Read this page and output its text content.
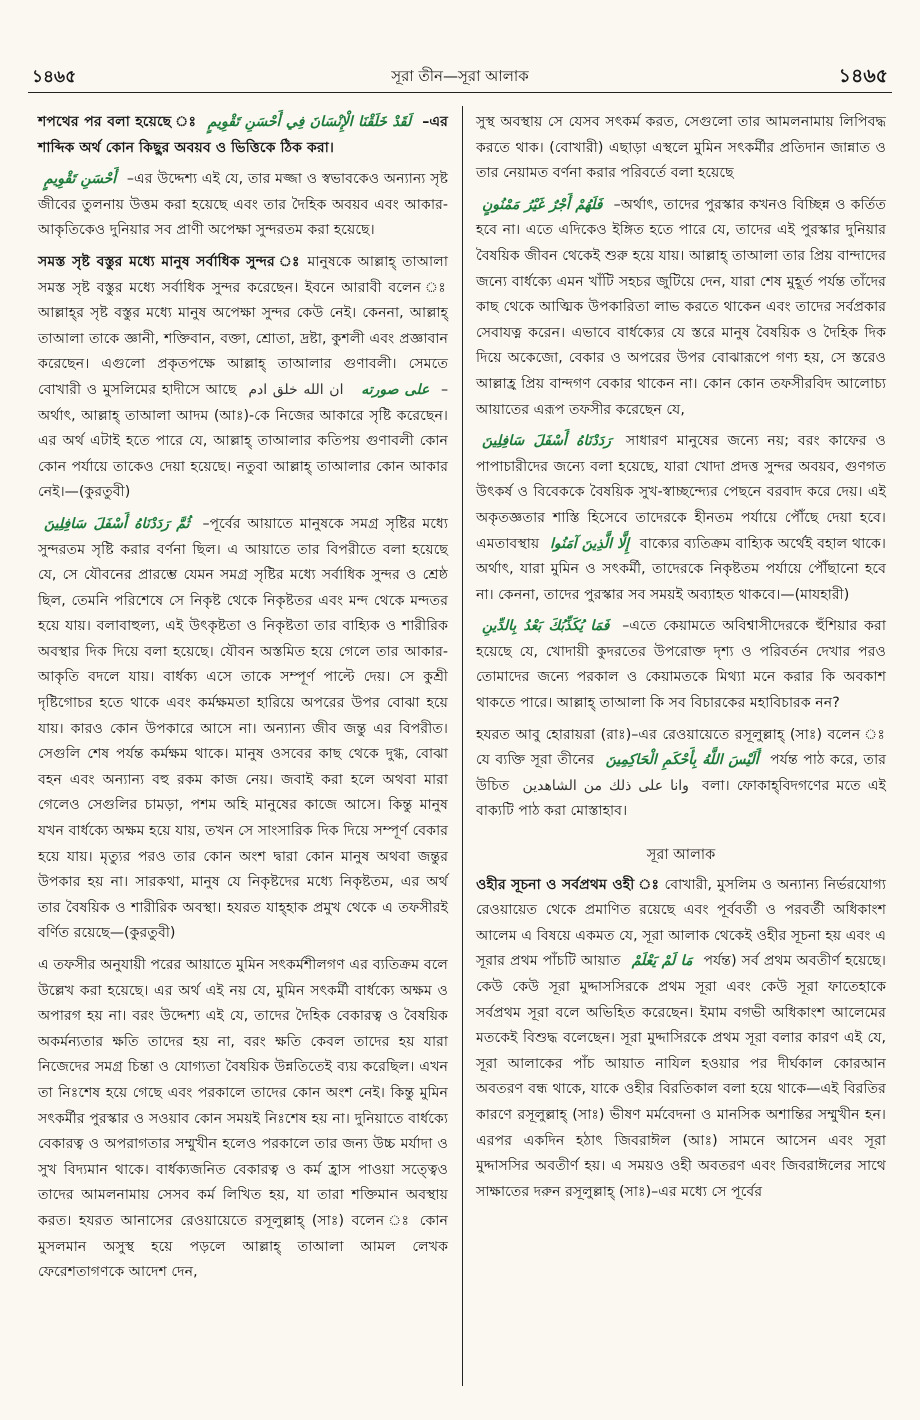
১৪৬৫	সূরা তীন—সূরা আলাক	১৪৬৫

শপথের পর বলা হয়েছে ঃ لَقَدْ خَلَقْنَا الْإِنْسَانَ فِي أَحْسَنِ تَقْوِيمٍ –এর শাব্দিক অর্থ কোন কিছুর অবয়ব ও ভিত্তিকে ঠিক করা।

أَحْسَنِ تَقْوِيمٍ –এর উদ্দেশ্য এই যে, তার মজ্জা ও স্বভাবকেও অন্যান্য সৃষ্ট জীবের তুলনায় উত্তম করা হয়েছে এবং তার দৈহিক অবয়ব এবং আকার-আকৃতিকেও দুনিয়ার সব প্রাণী অপেক্ষা সুন্দরতম করা হয়েছে।

সমস্ত সৃষ্ট বস্তুর মধ্যে মানুষ সর্বাধিক সুন্দর ঃ মানুষকে আল্লাহ্ তাআলা সমস্ত সৃষ্ট বস্তুর মধ্যে সর্বাধিক সুন্দর করেছেন। ইবনে আরাবী বলেন ঃ আল্লাহ্‌র সৃষ্ট বস্তুর মধ্যে মানুষ অপেক্ষা সুন্দর কেউ নেই। কেননা, আল্লাহ্ তাআলা তাকে জ্ঞানী, শক্তিবান, বক্তা, শ্রোতা, দ্রষ্টা, কুশলী এবং প্রজ্ঞাবান করেছেন। এগুলো প্রকৃতপক্ষে আল্লাহ্ তাআলার গুণাবলী। সেমতে বোখারী ও মুসলিমের হাদীসে আছে ان الله خلق ادم على صورته –অর্থাৎ, আল্লাহ্ তাআলা আদম (আঃ)-কে নিজের আকারে সৃষ্টি করেছেন। এর অর্থ এটাই হতে পারে যে, আল্লাহ্ তাআলার কতিপয় গুণাবলী কোন কোন পর্যায়ে তাকেও দেয়া হয়েছে। নতুবা আল্লাহ্ তাআলার কোন আকার নেই।—(কুরতুবী)

ثُمَّ رَدَدْنَاهُ أَسْفَلَ سَافِلِينَ –পূর্বের আয়াতে মানুষকে সমগ্র সৃষ্টির মধ্যে সুন্দরতম সৃষ্টি করার বর্ণনা ছিল। এ আয়াতে তার বিপরীতে বলা হয়েছে যে, সে যৌবনের প্রারম্ভে যেমন সমগ্র সৃষ্টির মধ্যে সর্বাধিক সুন্দর ও শ্রেষ্ঠ ছিল, তেমনি পরিশেষে সে নিকৃষ্ট থেকে নিকৃষ্টতর এবং মন্দ থেকে মন্দতর হয়ে যায়। বলাবাহুল্য, এই উৎকৃষ্টতা ও নিকৃষ্টতা তার বাহ্যিক ও শারীরিক অবস্থার দিক দিয়ে বলা হয়েছে। যৌবন অস্তমিত হয়ে গেলে তার আকার-আকৃতি বদলে যায়। বার্ধক্য এসে তাকে সম্পূর্ণ পাল্টে দেয়। সে কুশ্রী দৃষ্টিগোচর হতে থাকে এবং কর্মক্ষমতা হারিয়ে অপরের উপর বোঝা হয়ে যায়। কারও কোন উপকারে আসে না। অন্যান্য জীব জন্তু এর বিপরীত। সেগুলি শেষ পর্যন্ত কর্মক্ষম থাকে। মানুষ ওসবের কাছ থেকে দুগ্ধ, বোঝা বহন এবং অন্যান্য বহু রকম কাজ নেয়। জবাই করা হলে অথবা মারা গেলেও সেগুলির চামড়া, পশম অহি মানুষের কাজে আসে। কিন্তু মানুষ যখন বার্ধক্যে অক্ষম হয়ে যায়, তখন সে সাংসারিক দিক দিয়ে সম্পূর্ণ বেকার হয়ে যায়। মৃত্যুর পরও তার কোন অংশ দ্বারা কোন মানুষ অথবা জন্তুর উপকার হয় না। সারকথা, মানুষ যে নিকৃষ্টদের মধ্যে নিকৃষ্টতম, এর অর্থ তার বৈষয়িক ও শারীরিক অবস্থা। হযরত যাহ্হাক প্রমুখ থেকে এ তফসীরই বর্ণিত রয়েছে—(কুরতুবী)

এ তফসীর অনুযায়ী পরের আয়াতে মুমিন সৎকর্মশীলগণ এর ব্যতিক্রম বলে উল্লেখ করা হয়েছে। এর অর্থ এই নয় যে, মুমিন সৎকর্মী বার্ধক্যে অক্ষম ও অপারগ হয় না। বরং উদ্দেশ্য এই যে, তাদের দৈহিক বেকারত্ব ও বৈষয়িক অকর্মন্যতার ক্ষতি তাদের হয় না, বরং ক্ষতি কেবল তাদের হয় যারা নিজেদের সমগ্র চিন্তা ও যোগ্যতা বৈষয়িক উন্নতিতেই ব্যয় করেছিল। এখন তা নিঃশেষ হয়ে গেছে এবং পরকালে তাদের কোন অংশ নেই। কিন্তু মুমিন সৎকর্মীর পুরস্কার ও সওয়াব কোন সময়ই নিঃশেষ হয় না। দুনিয়াতে বার্ধক্যে বেকারত্ব ও অপরাগতার সম্মুখীন হলেও পরকালে তার জন্য উচ্চ মর্যাদা ও সুখ বিদ্যমান থাকে। বার্ধক্যজনিত বেকারত্ব ও কর্ম হ্রাস পাওয়া সত্ত্বেও তাদের আমলনামায় সেসব কর্ম লিখিত হয়, যা তারা শক্তিমান অবস্থায় করত। হযরত আনাসের রেওয়ায়েতে রসূলুল্লাহ্ (সাঃ) বলেন ঃ কোন মুসলমান অসুস্থ হয়ে পড়লে আল্লাহ্ তাআলা আমল লেখক ফেরেশতাগণকে আদেশ দেন,

সুস্থ অবস্থায় সে যেসব সৎকর্ম করত, সেগুলো তার আমলনামায় লিপিবদ্ধ করতে থাক। (বোখারী) এছাড়া এস্থলে মুমিন সৎকর্মীর প্রতিদান জান্নাত ও তার নেয়ামত বর্ণনা করার পরিবর্তে বলা হয়েছে

فَلَهُمْ أَجْرٌ غَيْرُ مَمْنُونٍ –অর্থাৎ, তাদের পুরস্কার কখনও বিচ্ছিন্ন ও কর্তিত হবে না। এতে এদিকেও ইঙ্গিত হতে পারে যে, তাদের এই পুরস্কার দুনিয়ার বৈষয়িক জীবন থেকেই শুরু হয়ে যায়। আল্লাহ্ তাআলা তার প্রিয় বান্দাদের জন্যে বার্ধক্যে এমন খাঁটি সহচর জুটিয়ে দেন, যারা শেষ মুহূর্ত পর্যন্ত তাঁদের কাছ থেকে আত্মিক উপকারিতা লাভ করতে থাকেন এবং তাদের সর্বপ্রকার সেবাযত্ন করেন। এভাবে বার্ধক্যের যে স্তরে মানুষ বৈষয়িক ও দৈহিক দিক দিয়ে অকেজো, বেকার ও অপরের উপর বোঝারূপে গণ্য হয়, সে স্তরেও আল্লাহ্র প্রিয় বান্দগণ বেকার থাকেন না। কোন কোন তফসীরবিদ আলোচ্য আয়াতের এরূপ তফসীর করেছেন যে,

رَدَدْنَاهُ أَسْفَلَ سَافِلِينَ সাধারণ মানুষের জন্যে নয়; বরং কাফের ও পাপাচারীদের জন্যে বলা হয়েছে, যারা খোদা প্রদত্ত সুন্দর অবয়ব, গুণগত উৎকর্ষ ও বিবেককে বৈষয়িক সুখ-স্বাচ্ছন্দ্যের পেছনে বরবাদ করে দেয়। এই অকৃতজ্ঞতার শাস্তি হিসেবে তাদেরকে হীনতম পর্যায়ে পৌঁছে দেয়া হবে। এমতাবস্থায় إِلَّا الَّذِينَ آمَنُوا বাক্যের ব্যতিক্রম বাহ্যিক অর্থেই বহাল থাকে। অর্থাৎ, যারা মুমিন ও সৎকর্মী, তাদেরকে নিকৃষ্টতম পর্যায়ে পৌঁছানো হবে না। কেননা, তাদের পুরস্কার সব সময়ই অব্যাহত থাকবে।—(মাযহারী)

فَمَا يُكَذِّبُكَ بَعْدُ بِالدِّينِ –এতে কেয়ামতে অবিশ্বাসীদেরকে হুঁশিয়ার করা হয়েছে যে, খোদায়ী কুদরতের উপরোক্ত দৃশ্য ও পরিবর্তন দেখার পরও তোমাদের জন্যে পরকাল ও কেয়ামতকে মিথ্যা মনে করার কি অবকাশ থাকতে পারে। আল্লাহ্ তাআলা কি সব বিচারকের মহাবিচারক নন?

হযরত আবু হোরায়রা (রাঃ)–এর রেওয়ায়েতে রসূলুল্লাহ্ (সাঃ) বলেন ঃ যে ব্যক্তি সূরা তীনের أَلَيْسَ اللَّهُ بِأَحْكَمِ الْحَاكِمِينَ পর্যন্ত পাঠ করে, তার উচিত وانا على ذلك من الشاهدين বলা। ফোকাহ্‌বিদগণের মতে এই বাক্যটি পাঠ করা মোস্তাহাব।

সূরা আলাক

ওহীর সূচনা ও সর্বপ্রথম ওহী ঃ বোখারী, মুসলিম ও অন্যান্য নির্ভরযোগ্য রেওয়ায়েত থেকে প্রমাণিত রয়েছে এবং পূর্ববর্তী ও পরবর্তী অধিকাংশ আলেম এ বিষয়ে একমত যে, সূরা আলাক থেকেই ওহীর সূচনা হয় এবং এ সূরার প্রথম পাঁচটি আয়াত مَا لَمْ يَعْلَمْ পর্যন্ত) সর্ব প্রথম অবতীর্ণ হয়েছে। কেউ কেউ সূরা মুদ্দাসসিরকে প্রথম সূরা এবং কেউ সূরা ফাতেহাকে সর্বপ্রথম সূরা বলে অভিহিত করেছেন। ইমাম বগভী অধিকাংশ আলেমের মতকেই বিশুদ্ধ বলেছেন। সূরা মুদ্দাসিরকে প্রথম সূরা বলার কারণ এই যে, সূরা আলাকের পাঁচ আয়াত নাযিল হওয়ার পর দীর্ঘকাল কোরআন অবতরণ বন্ধ থাকে, যাকে ওহীর বিরতিকাল বলা হয়ে থাকে—এই বিরতির কারণে রসূলুল্লাহ্ (সাঃ) ভীষণ মর্মবেদনা ও মানসিক অশান্তির সম্মুখীন হন। এরপর একদিন হঠাৎ জিবরাঈল (আঃ) সামনে আসেন এবং সূরা মুদ্দাসসির অবতীর্ণ হয়। এ সময়ও ওহী অবতরণ এবং জিবরাঈলের সাথে সাক্ষাতের দরুন রসূলুল্লাহ্ (সাঃ)–এর মধ্যে সে পূর্বের
